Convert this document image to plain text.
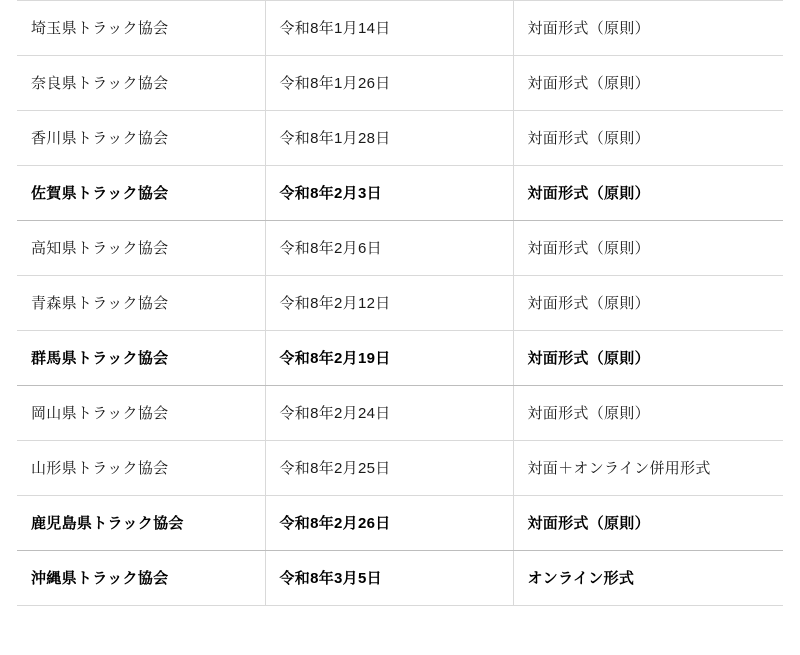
埼玉県トラック協会	令和8年1月14日	対面形式（原則）
奈良県トラック協会	令和8年1月26日	対面形式（原則）
香川県トラック協会	令和8年1月28日	対面形式（原則）
佐賀県トラック協会	令和8年2月3日	対面形式（原則）
高知県トラック協会	令和8年2月6日	対面形式（原則）
青森県トラック協会	令和8年2月12日	対面形式（原則）
群馬県トラック協会	令和8年2月19日	対面形式（原則）
岡山県トラック協会	令和8年2月24日	対面形式（原則）
山形県トラック協会	令和8年2月25日	対面＋オンライン併用形式
鹿児島県トラック協会	令和8年2月26日	対面形式（原則）
沖縄県トラック協会	令和8年3月5日	オンライン形式
